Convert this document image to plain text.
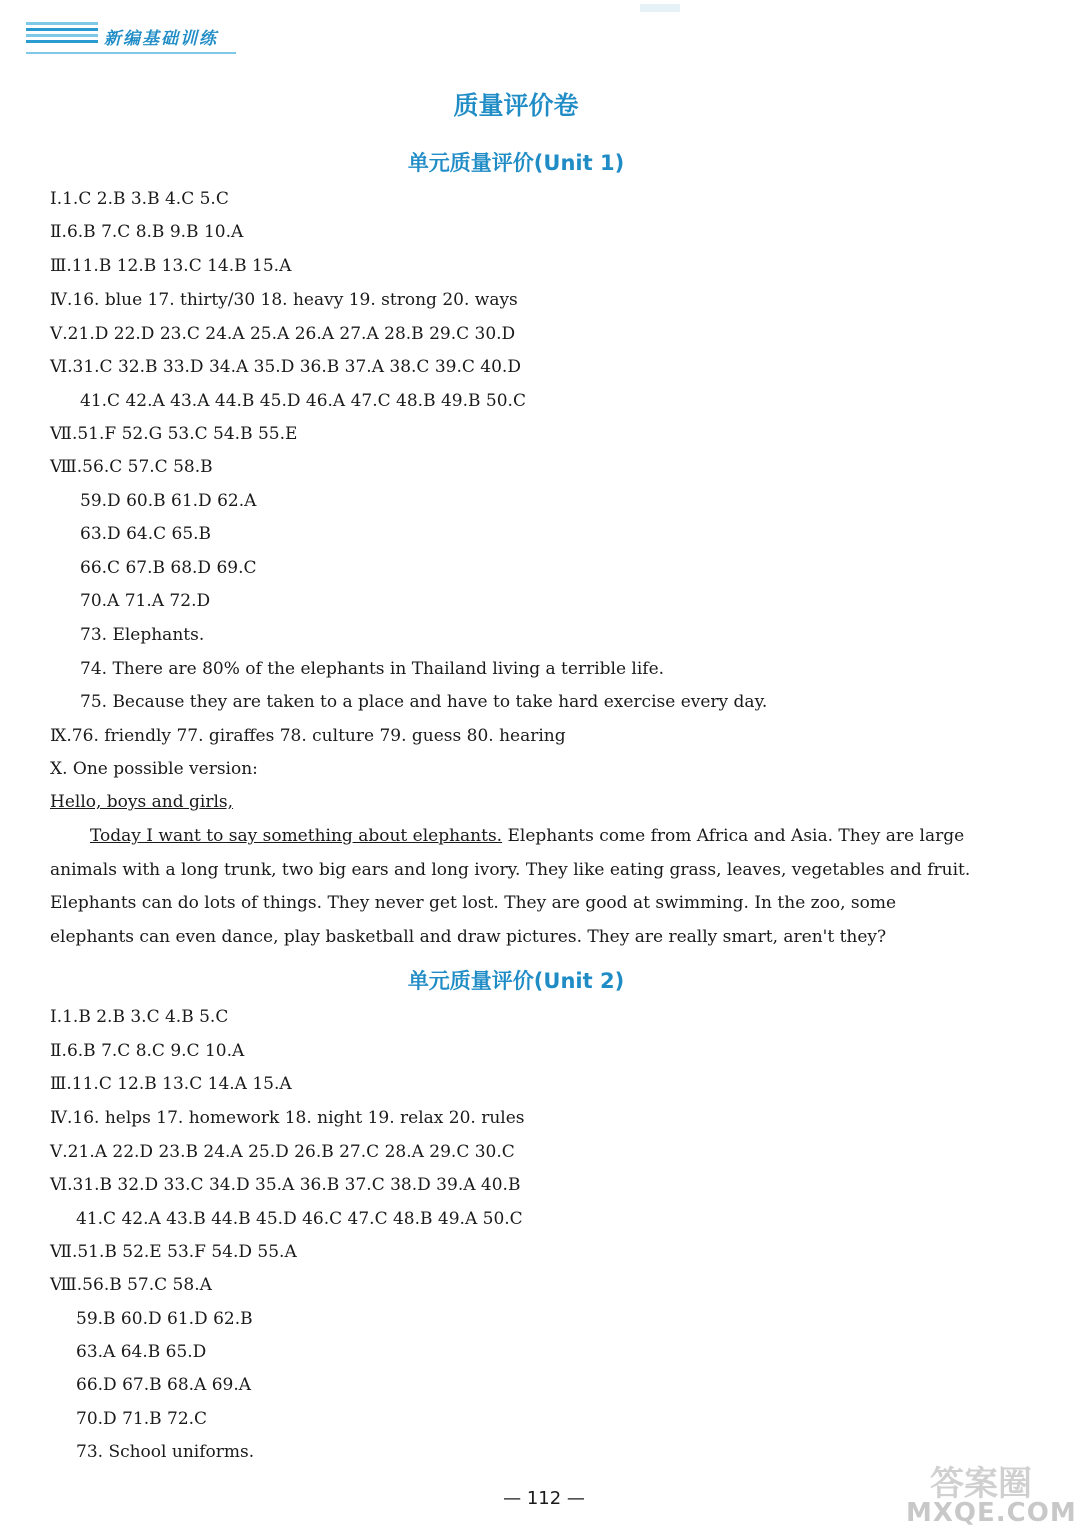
新编基础训练
质量评价卷
单元质量评价(Unit 1)
Ⅰ.1.C 2.B 3.B 4.C 5.C
Ⅱ.6.B 7.C 8.B 9.B 10.A
Ⅲ.11.B 12.B 13.C 14.B 15.A
Ⅳ.16. blue 17. thirty/30 18. heavy 19. strong 20. ways
Ⅴ.21.D 22.D 23.C 24.A 25.A 26.A 27.A 28.B 29.C 30.D
Ⅵ.31.C 32.B 33.D 34.A 35.D 36.B 37.A 38.C 39.C 40.D
41.C 42.A 43.A 44.B 45.D 46.A 47.C 48.B 49.B 50.C
Ⅶ.51.F 52.G 53.C 54.B 55.E
Ⅷ.56.C 57.C 58.B
59.D 60.B 61.D 62.A
63.D 64.C 65.B
66.C 67.B 68.D 69.C
70.A 71.A 72.D
73. Elephants.
74. There are 80% of the elephants in Thailand living a terrible life.
75. Because they are taken to a place and have to take hard exercise every day.
Ⅸ.76. friendly 77. giraffes 78. culture 79. guess 80. hearing
Ⅹ. One possible version:
Hello, boys and girls,
Today I want to say something about elephants. Elephants come from Africa and Asia. They are large animals with a long trunk, two big ears and long ivory. They like eating grass, leaves, vegetables and fruit. Elephants can do lots of things. They never get lost. They are good at swimming. In the zoo, some elephants can even dance, play basketball and draw pictures. They are really smart, aren't they?
单元质量评价(Unit 2)
Ⅰ.1.B 2.B 3.C 4.B 5.C
Ⅱ.6.B 7.C 8.C 9.C 10.A
Ⅲ.11.C 12.B 13.C 14.A 15.A
Ⅳ.16. helps 17. homework 18. night 19. relax 20. rules
Ⅴ.21.A 22.D 23.B 24.A 25.D 26.B 27.C 28.A 29.C 30.C
Ⅵ.31.B 32.D 33.C 34.D 35.A 36.B 37.C 38.D 39.A 40.B
41.C 42.A 43.B 44.B 45.D 46.C 47.C 48.B 49.A 50.C
Ⅶ.51.B 52.E 53.F 54.D 55.A
Ⅷ.56.B 57.C 58.A
59.B 60.D 61.D 62.B
63.A 64.B 65.D
66.D 67.B 68.A 69.A
70.D 71.B 72.C
73. School uniforms.
— 112 —	答案圈
MXQE.COM
